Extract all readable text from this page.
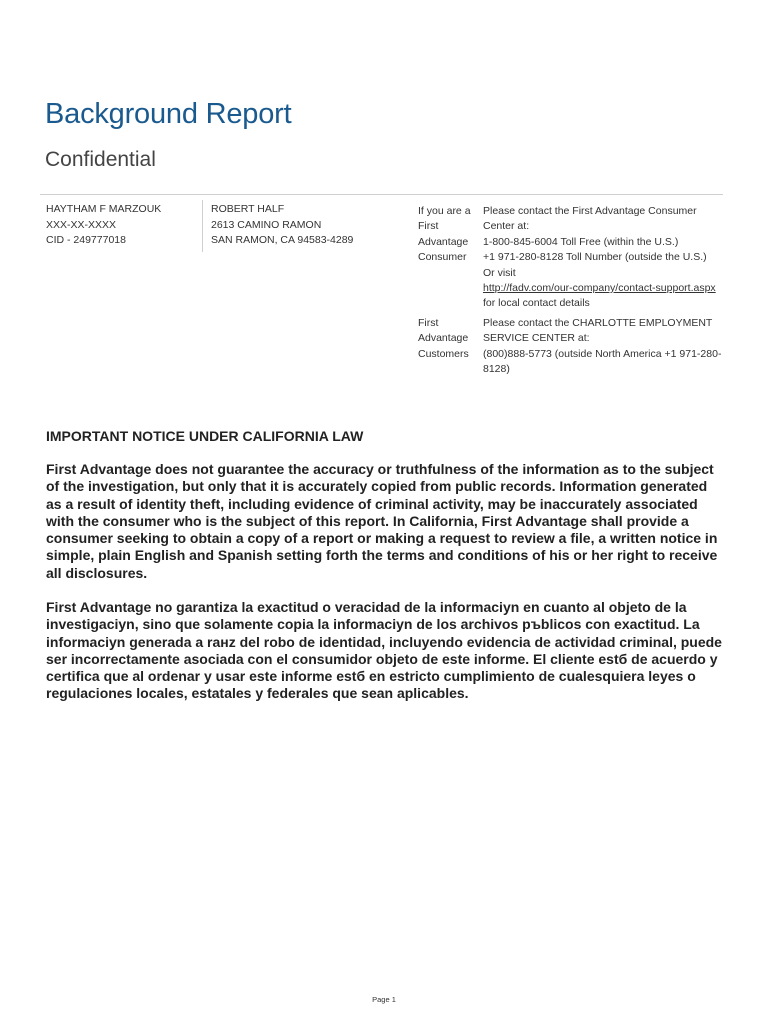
Background Report
Confidential
HAYTHAM F MARZOUK
XXX-XX-XXXX
CID - 249777018
ROBERT HALF
2613 CAMINO RAMON
SAN RAMON, CA 94583-4289
If you are a First Advantage Consumer
Please contact the First Advantage Consumer Center at:
1-800-845-6004 Toll Free (within the U.S.)
+1 971-280-8128 Toll Number (outside the U.S.)
Or visit
http://fadv.com/our-company/contact-support.aspx
for local contact details
First Advantage Customers
Please contact the CHARLOTTE EMPLOYMENT SERVICE CENTER at:
(800)888-5773 (outside North America +1 971-280-8128)
IMPORTANT NOTICE UNDER CALIFORNIA LAW

First Advantage does not guarantee the accuracy or truthfulness of the information as to the subject of the investigation, but only that it is accurately copied from public records. Information generated as a result of identity theft, including evidence of criminal activity, may be inaccurately associated with the consumer who is the subject of this report. In California, First Advantage shall provide a consumer seeking to obtain a copy of a report or making a request to review a file, a written notice in simple, plain English and Spanish setting forth the terms and conditions of his or her right to receive all disclosures.

First Advantage no garantiza la exactitud o veracidad de la informaciуn en cuanto al objeto de la investigaciуn, sino que solamente copia la informaciуn de los archivos pъblicos con exactitud. La informaciуn generada a raнz del robo de identidad, incluyendo evidencia de actividad criminal, puede ser incorrectamente asociada con el consumidor objeto de este informe. El cliente estб de acuerdo y certifica que al ordenar y usar este informe estб en estricto cumplimiento de cualesquiera leyes o regulaciones locales, estatales y federales que sean aplicables.

Page 1
